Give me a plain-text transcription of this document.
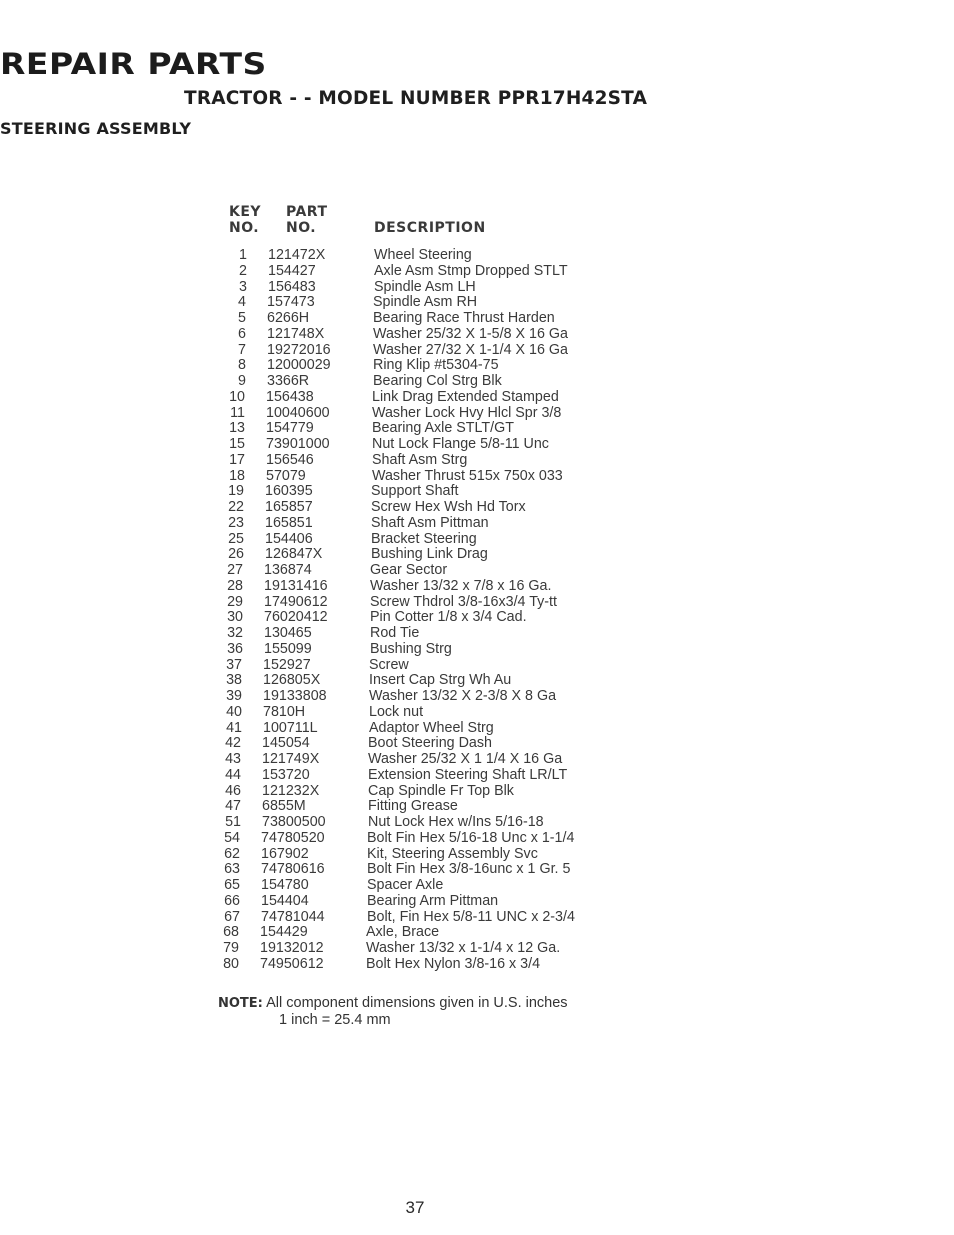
REPAIR PARTS
TRACTOR - - MODEL NUMBER PPR17H42STA
STEERING ASSEMBLY
KEY
NO.
PART
NO.	DESCRIPTION
1 121472X	Wheel Steering
2 154427	Axle Asm Stmp Dropped STLT
3 156483	Spindle Asm LH
4 157473	Spindle Asm RH
5 6266H	Bearing Race Thrust Harden
6 121748X	Washer 25/32 X 1-5/8 X 16 Ga
7 19272016	Washer 27/32 X 1-1/4 X 16 Ga
8 12000029	Ring Klip #t5304-75
9 3366R	Bearing Col Strg Blk
10 156438	Link Drag Extended Stamped
11 10040600	Washer Lock Hvy Hlcl Spr 3/8
13 154779	Bearing Axle STLT/GT
15 73901000	Nut Lock Flange 5/8-11 Unc
17 156546	Shaft Asm Strg
18 57079	Washer Thrust 515x 750x 033
19 160395	Support Shaft
22 165857	Screw Hex Wsh Hd Torx
23 165851	Shaft Asm Pittman
25 154406	Bracket Steering
26 126847X	Bushing Link Drag
27 136874	Gear Sector
28 19131416	Washer 13/32 x 7/8 x 16 Ga.
29 17490612	Screw Thdrol 3/8-16x3/4 Ty-tt
30 76020412	Pin Cotter 1/8 x 3/4 Cad.
32 130465	Rod Tie
36 155099	Bushing Strg
37 152927	Screw
38 126805X	Insert Cap Strg Wh Au
39 19133808	Washer 13/32 X 2-3/8 X 8 Ga
40 7810H	Lock nut
41 100711L	Adaptor Wheel Strg
42 145054	Boot Steering Dash
43 121749X	Washer 25/32 X 1 1/4 X 16 Ga
44 153720	Extension Steering Shaft LR/LT
46 121232X	Cap Spindle Fr Top Blk
47 6855M	Fitting Grease
51 73800500	Nut Lock Hex w/Ins 5/16-18
54 74780520	Bolt Fin Hex 5/16-18 Unc x 1-1/4
62 167902	Kit, Steering Assembly Svc
63 74780616	Bolt Fin Hex 3/8-16unc x 1 Gr. 5
65 154780	Spacer Axle
66 154404	Bearing Arm Pittman
67 74781044	Bolt, Fin Hex 5/8-11 UNC x 2-3/4
68 154429	Axle, Brace
79 19132012	Washer 13/32 x 1-1/4 x 12 Ga.
80 74950612	Bolt Hex Nylon 3/8-16 x 3/4
NOTE: All component dimensions given in U.S. inches
1 inch = 25.4 mm
37
